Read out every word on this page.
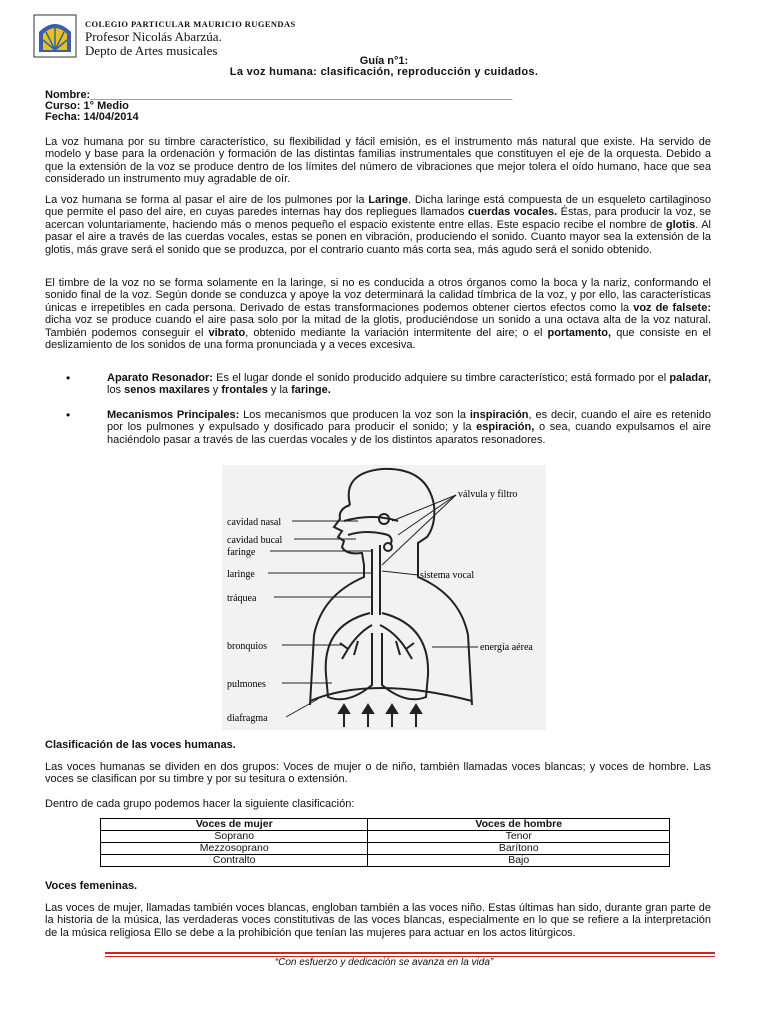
COLEGIO PARTICULAR MAURICIO RUGENDAS
Profesor Nicolás Abarzúa.
Depto de Artes musicales
Guía n°1:
La voz humana: clasificación, reproducción y cuidados.
Nombre:_____________________________________________________________________
Curso: 1° Medio
Fecha: 14/04/2014

La voz humana por su timbre característico, su flexibilidad y fácil emisión, es el instrumento más natural que existe. Ha servido de modelo y base para la ordenación y formación de las distintas familias instrumentales que constituyen el eje de la orquesta. Debido a que la extensión de la voz se produce dentro de los límites del número de vibraciones que mejor tolera el oído humano, hace que sea considerado un instrumento muy agradable de oír.

La voz humana se forma al pasar el aire de los pulmones por la Laringe. Dicha laringe está compuesta de un esqueleto cartilaginoso que permite el paso del aire, en cuyas paredes internas hay dos repliegues llamados cuerdas vocales. Éstas, para producir la voz, se acercan voluntariamente, haciendo más o menos pequeño el espacio existente entre ellas. Este espacio recibe el nombre de glotis. Al pasar el aire a través de las cuerdas vocales, estas se ponen en vibración, produciendo el sonido. Cuanto mayor sea la extensión de la glotis, más grave será el sonido que se produzca, por el contrario cuanto más corta sea, más agudo será el sonido obtenido.

El timbre de la voz no se forma solamente en la laringe, si no es conducida a otros órganos como la boca y la nariz, conformando el sonido final de la voz. Según donde se conduzca y apoye la voz determinará la calidad tímbrica de la voz, y por ello, las características únicas e irrepetibles en cada persona. Derivado de estas transformaciones podemos obtener ciertos efectos como la voz de falsete: dicha voz se produce cuando el aire pasa solo por la mitad de la glotis, produciéndose un sonido a una octava alta de la voz natural. También podemos conseguir el vibrato, obtenido mediante la variación intermitente del aire; o el portamento, que consiste en el deslizamiento de los sonidos de una forma pronunciada y a veces excesiva.

•	Aparato Resonador: Es el lugar donde el sonido producido adquiere su timbre característico; está formado por el paladar, los senos maxilares y frontales y la faringe.

•	Mecanismos Principales: Los mecanismos que producen la voz son la inspiración, es decir, cuando el aire es retenido por los pulmones y expulsado y dosificado para producir el sonido; y la espiración, o sea, cuando expulsamos el aire haciéndolo pasar a través de las cuerdas vocales y de los distintos aparatos resonadores.

válvula y filtro
cavidad nasal
cavidad bucal
faringe
laringe	sistema vocal
tráquea
bronquios	energía aérea
pulmones
diafragma
Clasificación de las voces humanas.

Las voces humanas se dividen en dos grupos: Voces de mujer o de niño, también llamadas voces blancas; y voces de hombre. Las voces se clasifican por su timbre y por su tesitura o extensión.

Dentro de cada grupo podemos hacer la siguiente clasificación:

Voces de mujer	Voces de hombre
Soprano	Tenor
Mezzosoprano	Barítono
Contralto	Bajo
Voces femeninas.

Las voces de mujer, llamadas también voces blancas, engloban también a las voces niño. Estas últimas han sido, durante gran parte de la historia de la música, las verdaderas voces constitutivas de las voces blancas, especialmente en lo que se refiere a la interpretación de la música religiosa Ello se debe a la prohibición que tenían las mujeres para actuar en los actos litúrgicos.

“Con esfuerzo y dedicación se avanza en la vida”
